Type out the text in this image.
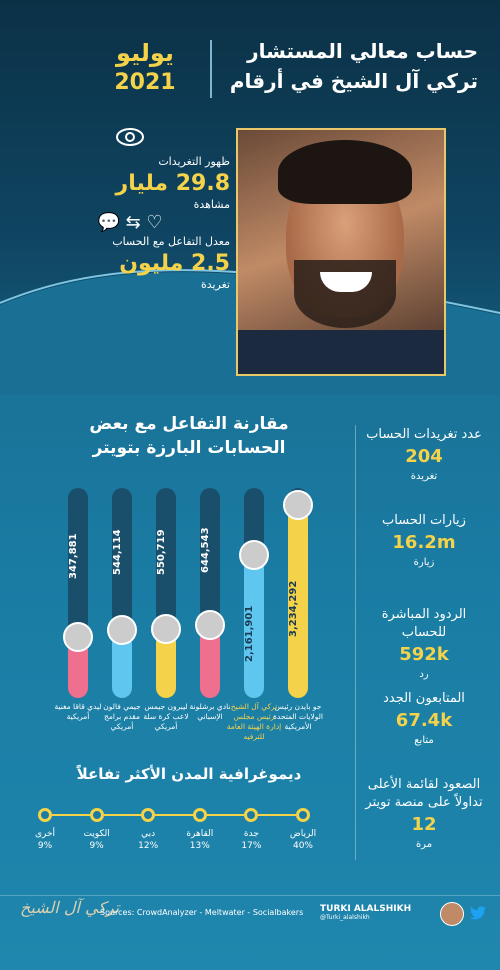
حساب معالي المستشار
تركي آل الشيخ في أرقام
يوليو
2021
ظهور التغريدات
29.8 مليار
مشاهدة
💬 ⇆ ♡
معدل التفاعل مع الحساب
2.5 مليون
تغريدة
عدد تغريدات الحساب
204
تغريدة
زيارات الحساب
16.2m
زيارة
الردود المباشرة للحساب
592k
رد
المتابعون الجدد
67.4k
متابع
الصعود لقائمة الأعلى تداولاً على منصة تويتر
12
مرة
مقارنة التفاعل مع بعض
الحسابات البارزة بتويتر
3,234,292
جو بايدن رئيس الولايات المتحدة الأمريكية
2,161,901
تركي آل الشيخ رئيس مجلس إدارة الهيئة العامة للترفيه
644,543
نادي برشلونة الإسباني
550,719
ليبرون جيمس لاعب كرة سلة أمريكي
544,114
جيمي فالون مقدم برامج أمريكي
347,881
ليدي قاقا مغنية أمريكية
ديموغرافية المدن الأكثر تفاعلاً
الرياض
40%
جدة
17%
القاهرة
13%
دبي
12%
الكويت
9%
أخرى
9%
تركي آل الشيخ
Sources: CrowdAnalyzer - Meltwater - Socialbakers TURKI ALALSHIKH
@Turki_alalshikh
